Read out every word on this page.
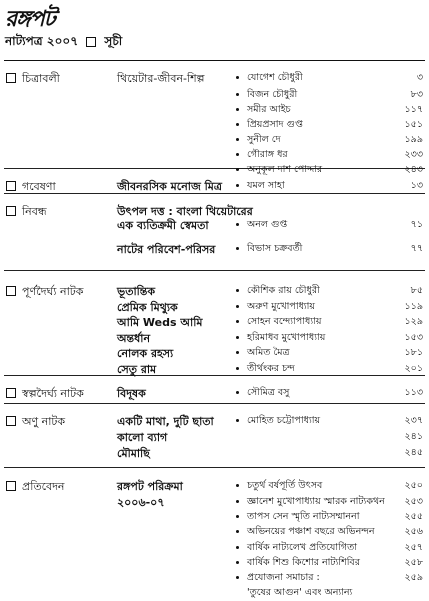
রঙ্গপট
নাট্যপত্র ২০০৭ সূচী
চিত্রাবলী	থিয়েটার-জীবন-শিল্প	যোগেশ চৌধুরী	৩
বিজন চৌধুরী	৮৩
সমীর আইচ	১১৭
প্রিয়প্রসাদ গুপ্ত	১৫১
সুনীল দে	১৯৯
গৌরাঙ্গ ধর	২৩৩
অনুকূল দাশ পোদ্দার	২৪৩
গবেষণা	জীবনরসিক মনোজ মিত্র	যমল সাহা	১৩
নিবন্ধ	উৎপল দত্ত : বাংলা থিয়েটারের
এক ব্যতিক্রমী স্বেমতা	অনল গুপ্ত	৭১
নাটের পরিবেশ-পরিসর	বিভাস চক্রবর্তী	৭৭
পূর্ণদৈর্ঘ্য নাটক	ভূতান্তিক	কৌশিক রায় চৌধুরী	৮৫
প্রেমিক মিথ্যুক	অরুণ মুখোপাধ্যায়	১১৯
আমি Weds আমি	সোহন বন্দ্যোপাধ্যায়	১২৯
অন্তর্ধান	হরিমাধব মুখোপাধ্যায়	১৫৩
নোলক রহস্য	অমিত মৈত্র	১৮১
সেতু রাম	তীর্থংকর চন্দ	২০১
স্বল্পদৈর্ঘ্য নাটক	বিদূষক	সৌমিত্র বসু	১১৩
অণু নাটক	একটি মাথা, দুটি ছাতা	মোহিত চট্টোপাধ্যায়	২৩৭
কালো ব্যাগ	২৪১
মৌমাছি	২৪৫
প্রতিবেদন	রঙ্গপট পরিক্রমা	চতুর্থ বর্ষপূর্তি উৎসব	২৫০
২০০৬-০৭	জ্ঞানেশ মুখোপাধ্যায় স্মারক নাট্যকথন	২৫৩
তাপস সেন স্মৃতি নাট্যসম্মাননা	২৫৫
অভিনয়ের পঞ্চাশ বছরে অভিনন্দন	২৫৬
বার্ষিক নাট্যলেখ প্রতিযোগিতা	২৫৭
বার্ষিক শিশু কিশোর নাট্যশিবির	২৫৮
প্রযোজনা সমাচার :	২৫৯
'তুষের আগুন' এবং অন্যান্য
